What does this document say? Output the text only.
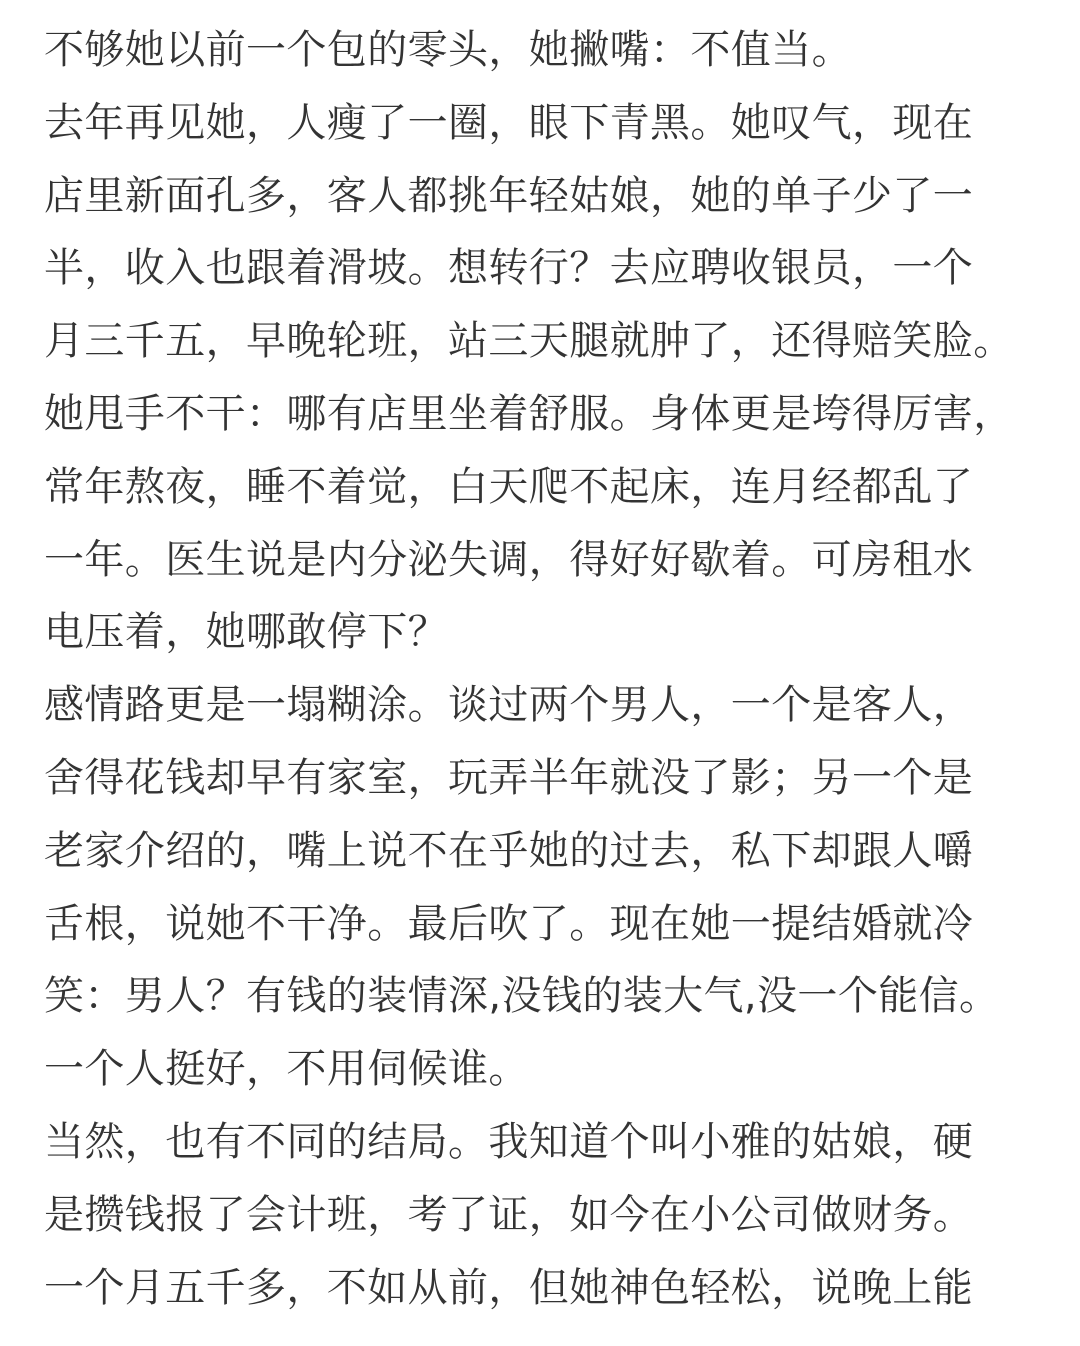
不够她以前一个包的零头，她撇嘴：不值当。
去年再见她，人瘦了一圈，眼下青黑。她叹气，现在
店里新面孔多，客人都挑年轻姑娘，她的单子少了一
半，收入也跟着滑坡。想转行？去应聘收银员，一个
月三千五，早晚轮班，站三天腿就肿了，还得赔笑脸。
她甩手不干：哪有店里坐着舒服。身体更是垮得厉害，
常年熬夜，睡不着觉，白天爬不起床，连月经都乱了
一年。医生说是内分泌失调，得好好歇着。可房租水
电压着，她哪敢停下？
感情路更是一塌糊涂。谈过两个男人，一个是客人，
舍得花钱却早有家室，玩弄半年就没了影；另一个是
老家介绍的，嘴上说不在乎她的过去，私下却跟人嚼
舌根，说她不干净。最后吹了。现在她一提结婚就冷
笑：男人？有钱的装情深,没钱的装大气,没一个能信。
一个人挺好，不用伺候谁。
当然，也有不同的结局。我知道个叫小雅的姑娘，硬
是攒钱报了会计班，考了证，如今在小公司做财务。
一个月五千多，不如从前，但她神色轻松，说晚上能
